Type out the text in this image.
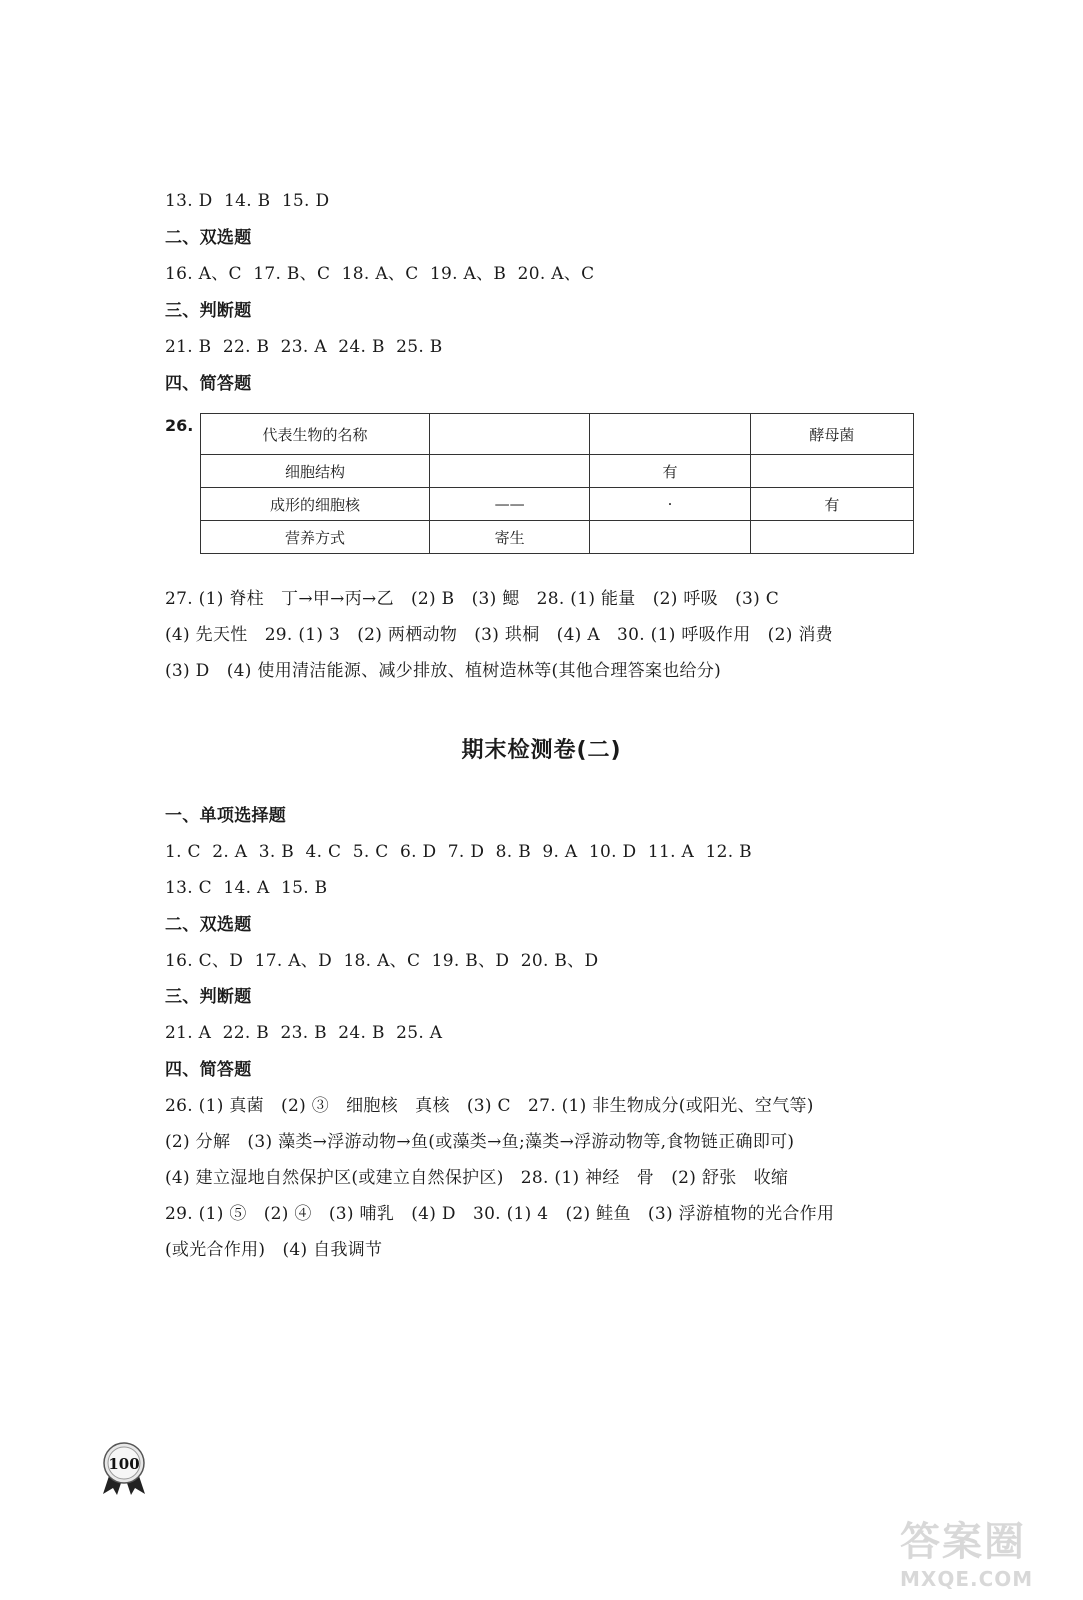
13. D  14. B  15. D
二、双选题
16. A、C  17. B、C  18. A、C  19. A、B  20. A、C
三、判断题
21. B  22. B  23. A  24. B  25. B
四、简答题
26.	代表生物的名称			酵母菌
细胞结构		有	
成形的细胞核	——	·	有
营养方式	寄生		
27. (1) 脊柱   丁→甲→丙→乙   (2) B   (3) 鳃   28. (1) 能量   (2) 呼吸   (3) C
(4) 先天性   29. (1) 3   (2) 两栖动物   (3) 珙桐   (4) A   30. (1) 呼吸作用   (2) 消费
(3) D   (4) 使用清洁能源、减少排放、植树造林等(其他合理答案也给分)
期末检测卷(二)
一、单项选择题
1. C  2. A  3. B  4. C  5. C  6. D  7. D  8. B  9. A  10. D  11. A  12. B
13. C  14. A  15. B
二、双选题
16. C、D  17. A、D  18. A、C  19. B、D  20. B、D
三、判断题
21. A  22. B  23. B  24. B  25. A
四、简答题
26. (1) 真菌   (2) ③   细胞核   真核   (3) C   27. (1) 非生物成分(或阳光、空气等)
(2) 分解   (3) 藻类→浮游动物→鱼(或藻类→鱼;藻类→浮游动物等,食物链正确即可)
(4) 建立湿地自然保护区(或建立自然保护区)   28. (1) 神经   骨   (2) 舒张   收缩
29. (1) ⑤   (2) ④   (3) 哺乳   (4) D   30. (1) 4   (2) 鲑鱼   (3) 浮游植物的光合作用
(或光合作用)   (4) 自我调节
100
答案圈
MXQE.COM
